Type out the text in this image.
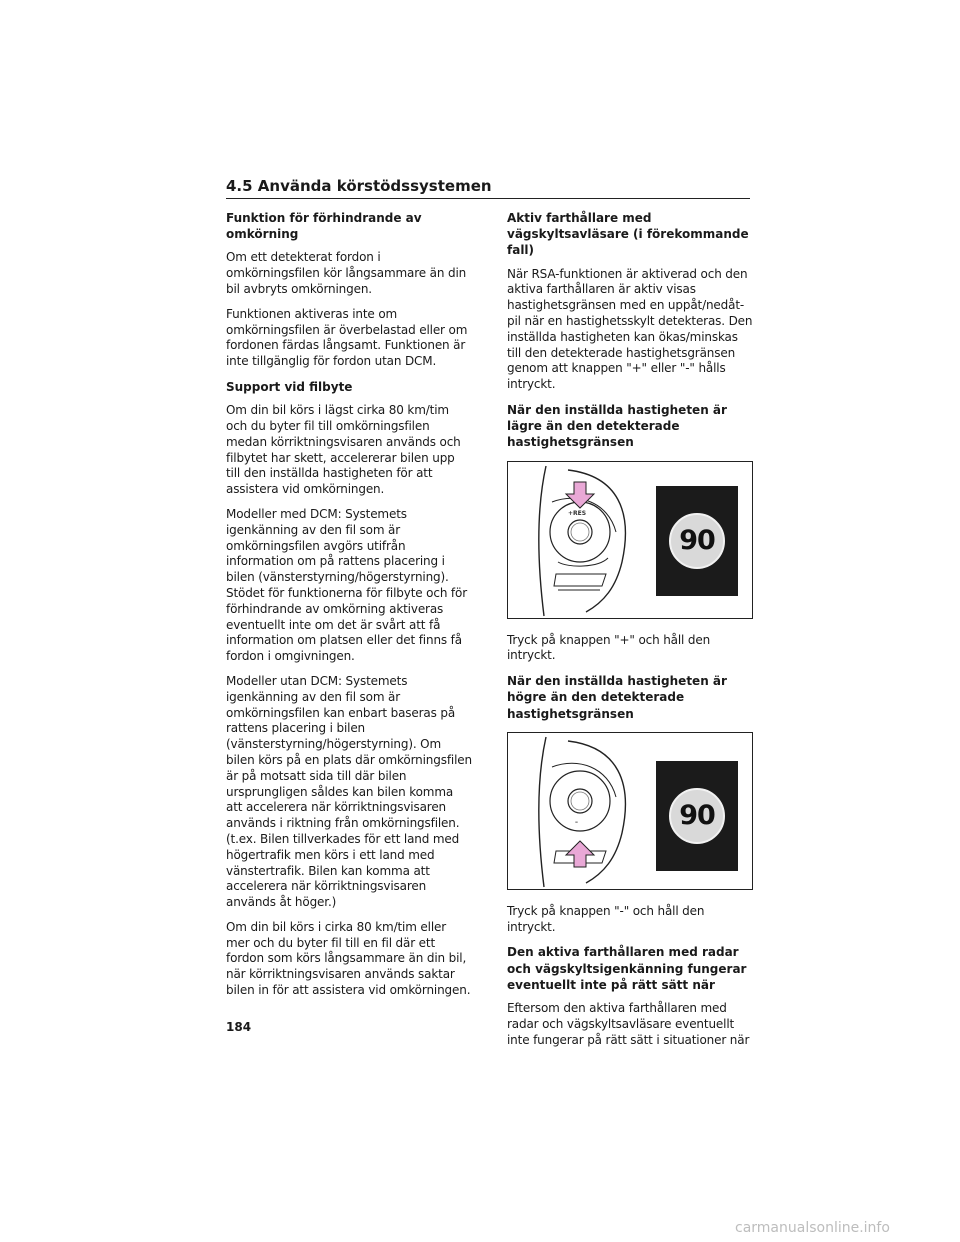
4.5 Använda körstödssystemen
Funktion för förhindrande av omkörning

Om ett detekterat fordon i omkörningsfilen kör långsammare än din bil avbryts omkörningen.

Funktionen aktiveras inte om omkörningsfilen är överbelastad eller om fordonen färdas långsamt. Funktionen är inte tillgänglig för fordon utan DCM.

Support vid filbyte

Om din bil körs i lägst cirka 80 km/tim och du byter fil till omkörningsfilen medan körriktningsvisaren används och filbytet har skett, accelererar bilen upp till den inställda hastigheten för att assistera vid omkörningen.

Modeller med DCM: Systemets igenkänning av den fil som är omkörningsfilen avgörs utifrån information om på rattens placering i bilen (vänsterstyrning/högerstyrning). Stödet för funktionerna för filbyte och för förhindrande av omkörning aktiveras eventuellt inte om det är svårt att få information om platsen eller det finns få fordon i omgivningen.

Modeller utan DCM: Systemets igenkänning av den fil som är omkörningsfilen kan enbart baseras på rattens placering i bilen (vänsterstyrning/högerstyrning). Om bilen körs på en plats där omkörningsfilen är på motsatt sida till där bilen ursprungligen såldes kan bilen komma att accelerera när körriktningsvisaren används i riktning från omkörningsfilen. (t.ex. Bilen tillverkades för ett land med högertrafik men körs i ett land med vänstertrafik. Bilen kan komma att accelerera när körriktningsvisaren används åt höger.)

Om din bil körs i cirka 80 km/tim eller mer och du byter fil till en fil där ett fordon som körs långsammare än din bil, när körriktningsvisaren används saktar bilen in för att assistera vid omkörningen.

Aktiv farthållare med vägskyltsavläsare (i förekommande fall)

När RSA-funktionen är aktiverad och den aktiva farthållaren är aktiv visas hastighetsgränsen med en uppåt/nedåt-pil när en hastighetsskylt detekteras. Den inställda hastigheten kan ökas/minskas till den detekterade hastighetsgränsen genom att knappen "+" eller "-" hålls intryckt.

När den inställda hastigheten är lägre än den detekterade hastighetsgränsen
+RES
90

Tryck på knappen "+" och håll den intryckt.

När den inställda hastigheten är högre än den detekterade hastighetsgränsen
–	90

Tryck på knappen "-" och håll den intryckt.

Den aktiva farthållaren med radar och vägskyltsigenkänning fungerar eventuellt inte på rätt sätt när

Eftersom den aktiva farthållaren med radar och vägskyltsavläsare eventuellt inte fungerar på rätt sätt i situationer när

184
carmanualsonline.info
